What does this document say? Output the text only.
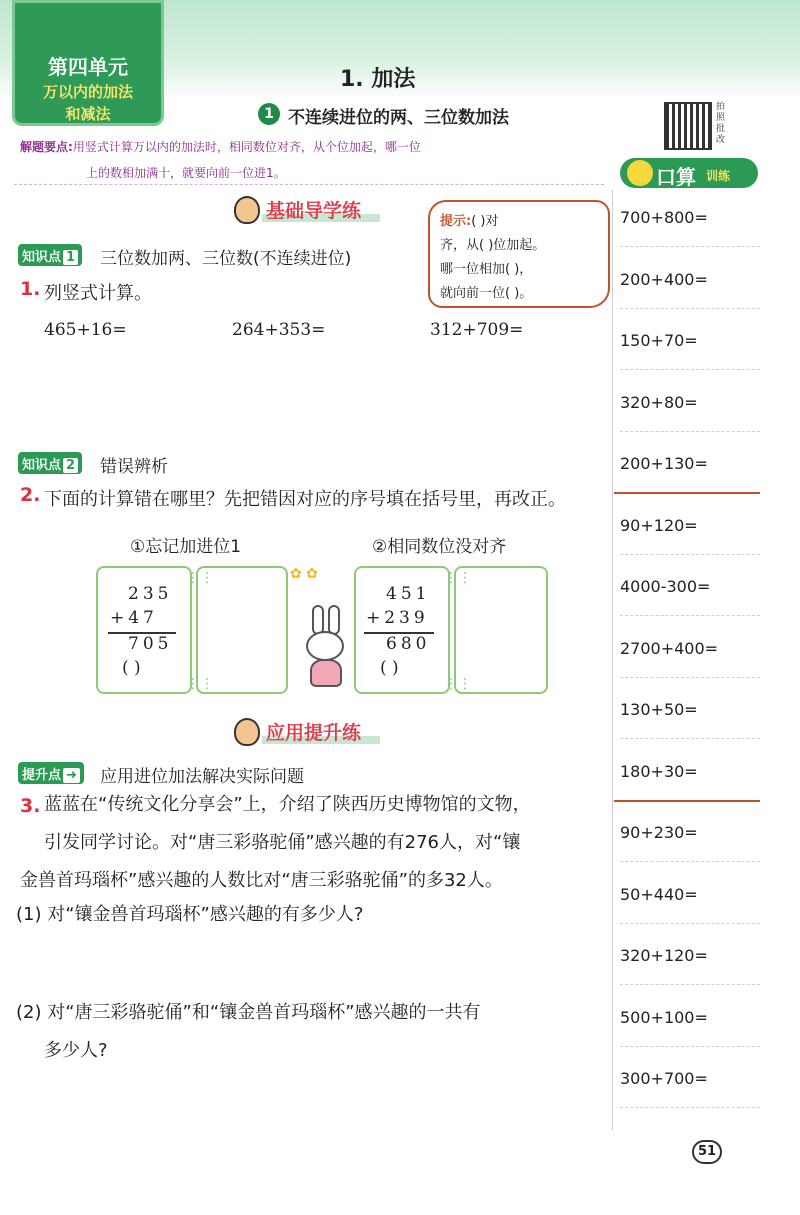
第四单元
万以内的加法
和减法
1. 加法
1 不连续进位的两、三位数加法
拍照批改
解题要点:用竖式计算万以内的加法时，相同数位对齐，从个位加起，哪一位
上的数相加满十，就要向前一位进1。	口算 训练
700+800=
200+400=
150+70=
320+80=
200+130=
90+120=
4000-300=
2700+400=
130+50=
180+30=
90+230=
50+440=
320+120=
500+100=
300+700=
基础导学练	提示:( )对
齐，从( )位加起。
哪一位相加( )，
就向前一位( )。
知识点 1	三位数加两、三位数(不连续进位)
1. 列竖式计算。
465+16=	264+353=	312+709=
知识点 2	错误辨析
2. 下面的计算错在哪里？先把错因对应的序号填在括号里，再改正。
①忘记加进位1	②相同数位没对齐
⋮⋮
⋮⋮
235
+47
705
( )
⋮⋮
⋮⋮
451
+239
680
( )
✿ ✿
应用提升练
提升点 ➜	应用进位加法解决实际问题
3. 蓝蓝在“传统文化分享会”上，介绍了陕西历史博物馆的文物，
引发同学讨论。对“唐三彩骆驼俑”感兴趣的有276人，对“镶
金兽首玛瑙杯”感兴趣的人数比对“唐三彩骆驼俑”的多32人。
(1) 对“镶金兽首玛瑙杯”感兴趣的有多少人?
(2) 对“唐三彩骆驼俑”和“镶金兽首玛瑙杯”感兴趣的一共有
多少人?
51
